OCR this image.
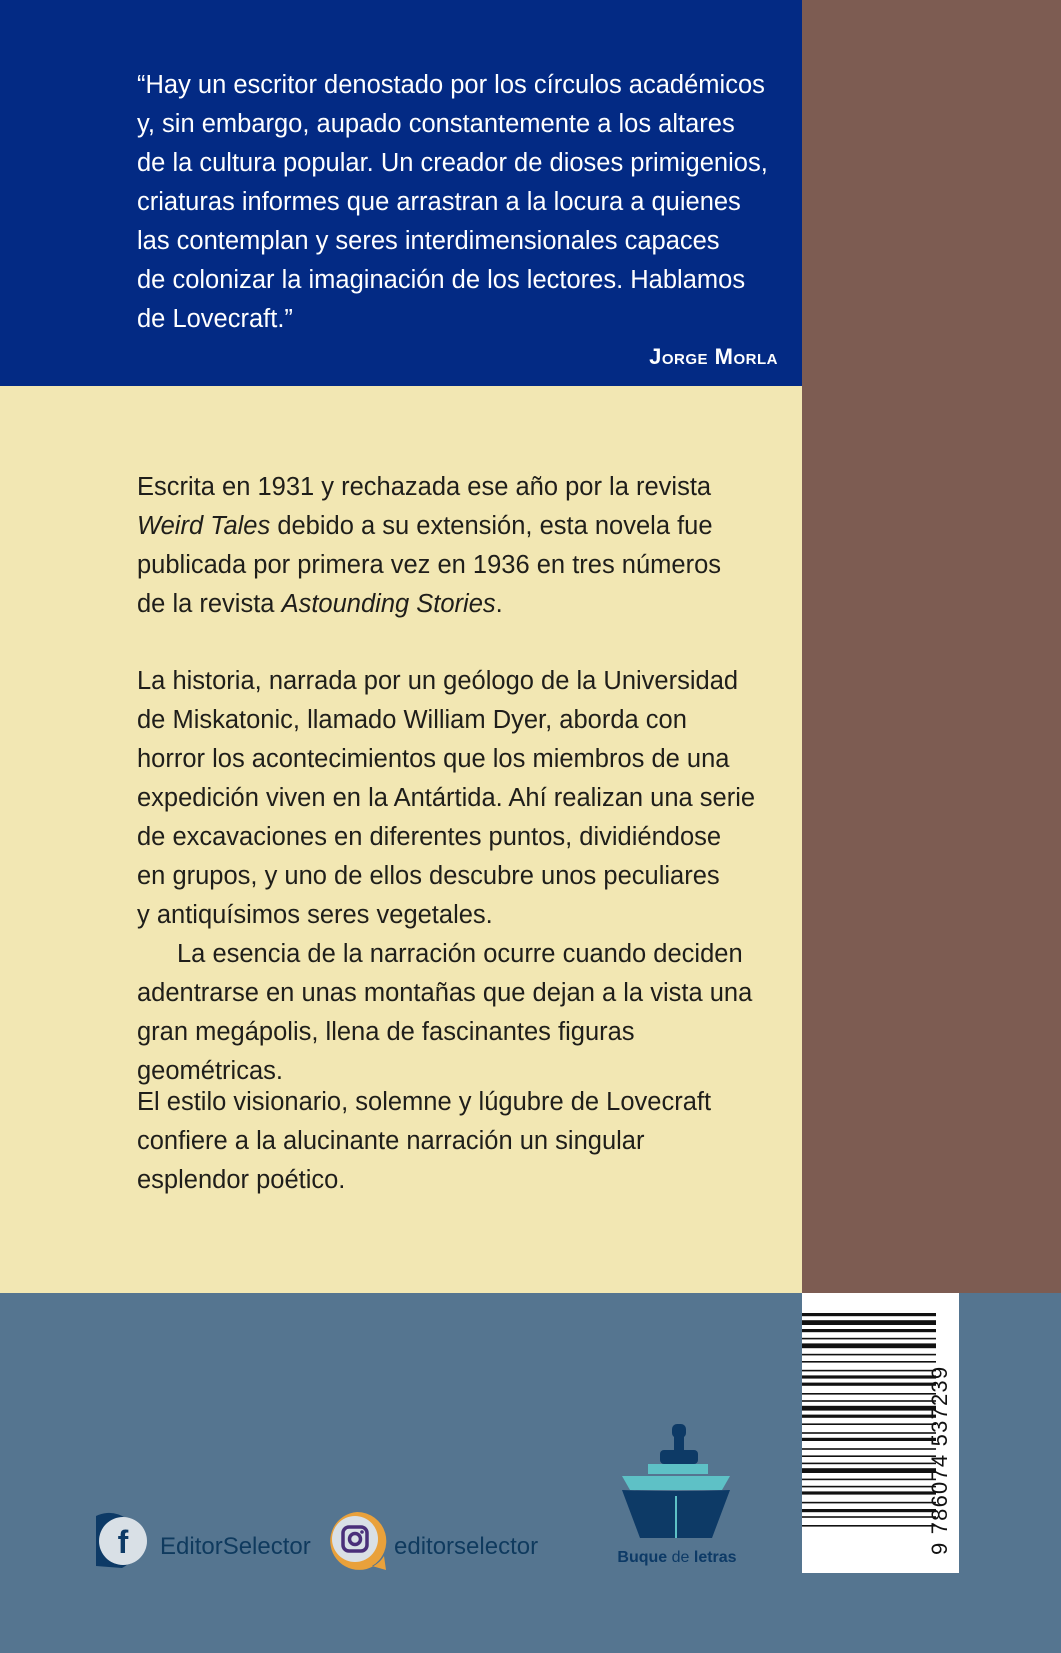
“Hay un escritor denostado por los círculos académicos
y, sin embargo, aupado constantemente a los altares
de la cultura popular. Un creador de dioses primigenios,
criaturas informes que arrastran a la locura a quienes
las contemplan y seres interdimensionales capaces
de colonizar la imaginación de los lectores. Hablamos
de Lovecraft.”

Jorge Morla

Escrita en 1931 y rechazada ese año por la revista
Weird Tales debido a su extensión, esta novela fue
publicada por primera vez en 1936 en tres números
de la revista Astounding Stories.

La historia, narrada por un geólogo de la Universidad
de Miskatonic, llamado William Dyer, aborda con
horror los acontecimientos que los miembros de una
expedición viven en la Antártida. Ahí realizan una serie
de excavaciones en diferentes puntos, dividiéndose
en grupos, y uno de ellos descubre unos peculiares
y antiquísimos seres vegetales.

La esencia de la narración ocurre cuando deciden
adentrarse en unas montañas que dejan a la vista una
gran megápolis, llena de fascinantes figuras geométricas.

El estilo visionario, solemne y lúgubre de Lovecraft
confiere a la alucinante narración un singular
esplendor poético.

9 786074 537239
f EditorSelector	editorselector	Buque de letras
